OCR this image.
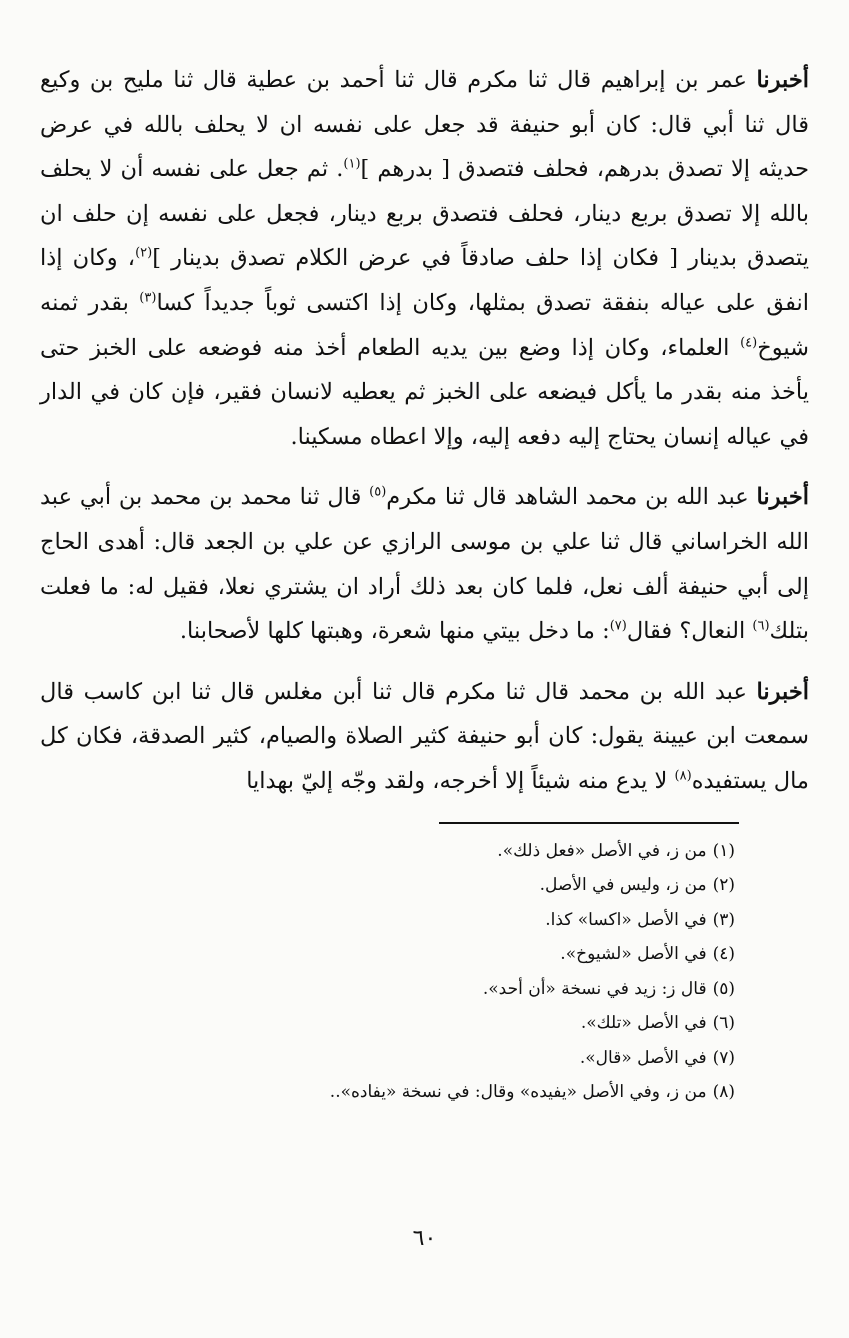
أخبرنا عمر بن إبراهيم قال ثنا مكرم قال ثنا أحمد بن عطية قال ثنا مليح بن وكيع قال ثنا أبي قال: كان أبو حنيفة قد جعل على نفسه ان لا يحلف بالله في عرض حديثه إلا تصدق بدرهم، فحلف فتصدق [ بدرهم ]$^{(١)}$. ثم جعل على نفسه أن لا يحلف بالله إلا تصدق بربع دينار، فحلف فتصدق بربع دينار، فجعل على نفسه إن حلف ان يتصدق بدينار [ فكان إذا حلف صادقاً في عرض الكلام تصدق بدينار ]$^{(٢)}$، وكان إذا انفق على عياله بنفقة تصدق بمثلها، وكان إذا اكتسى ثوباً جديداً كسا$^{(٣)}$ بقدر ثمنه شيوخ$^{(٤)}$ العلماء، وكان إذا وضع بين يديه الطعام أخذ منه فوضعه على الخبز حتى يأخذ منه بقدر ما يأكل فيضعه على الخبز ثم يعطيه لانسان فقير، فإن كان في الدار في عياله إنسان يحتاج إليه دفعه إليه، وإلا اعطاه مسكينا.

أخبرنا عبد الله بن محمد الشاهد قال ثنا مكرم$^{(٥)}$ قال ثنا محمد بن محمد بن أبي عبد الله الخراساني قال ثنا علي بن موسى الرازي عن علي بن الجعد قال: أهدى الحاج إلى أبي حنيفة ألف نعل، فلما كان بعد ذلك أراد ان يشتري نعلا، فقيل له: ما فعلت بتلك$^{(٦)}$ النعال؟ فقال$^{(٧)}$: ما دخل بيتي منها شعرة، وهبتها كلها لأصحابنا.

أخبرنا عبد الله بن محمد قال ثنا مكرم قال ثنا أبن مغلس قال ثنا ابن كاسب قال سمعت ابن عيينة يقول: كان أبو حنيفة كثير الصلاة والصيام، كثير الصدقة، فكان كل مال يستفيده$^{(٨)}$ لا يدع منه شيئاً إلا أخرجه، ولقد وجّه إليّ بهدايا

(١)من ز، في الأصل «فعل ذلك».
(٢)من ز، وليس في الأصل.
(٣)في الأصل «اكسا» كذا.
(٤)في الأصل «لشيوخ».
(٥)قال ز: زيد في نسخة «أن أحد».
(٦)في الأصل «تلك».
(٧)في الأصل «قال».
(٨)من ز، وفي الأصل «يفيده» وقال: في نسخة «يفاده»..
٦٠
